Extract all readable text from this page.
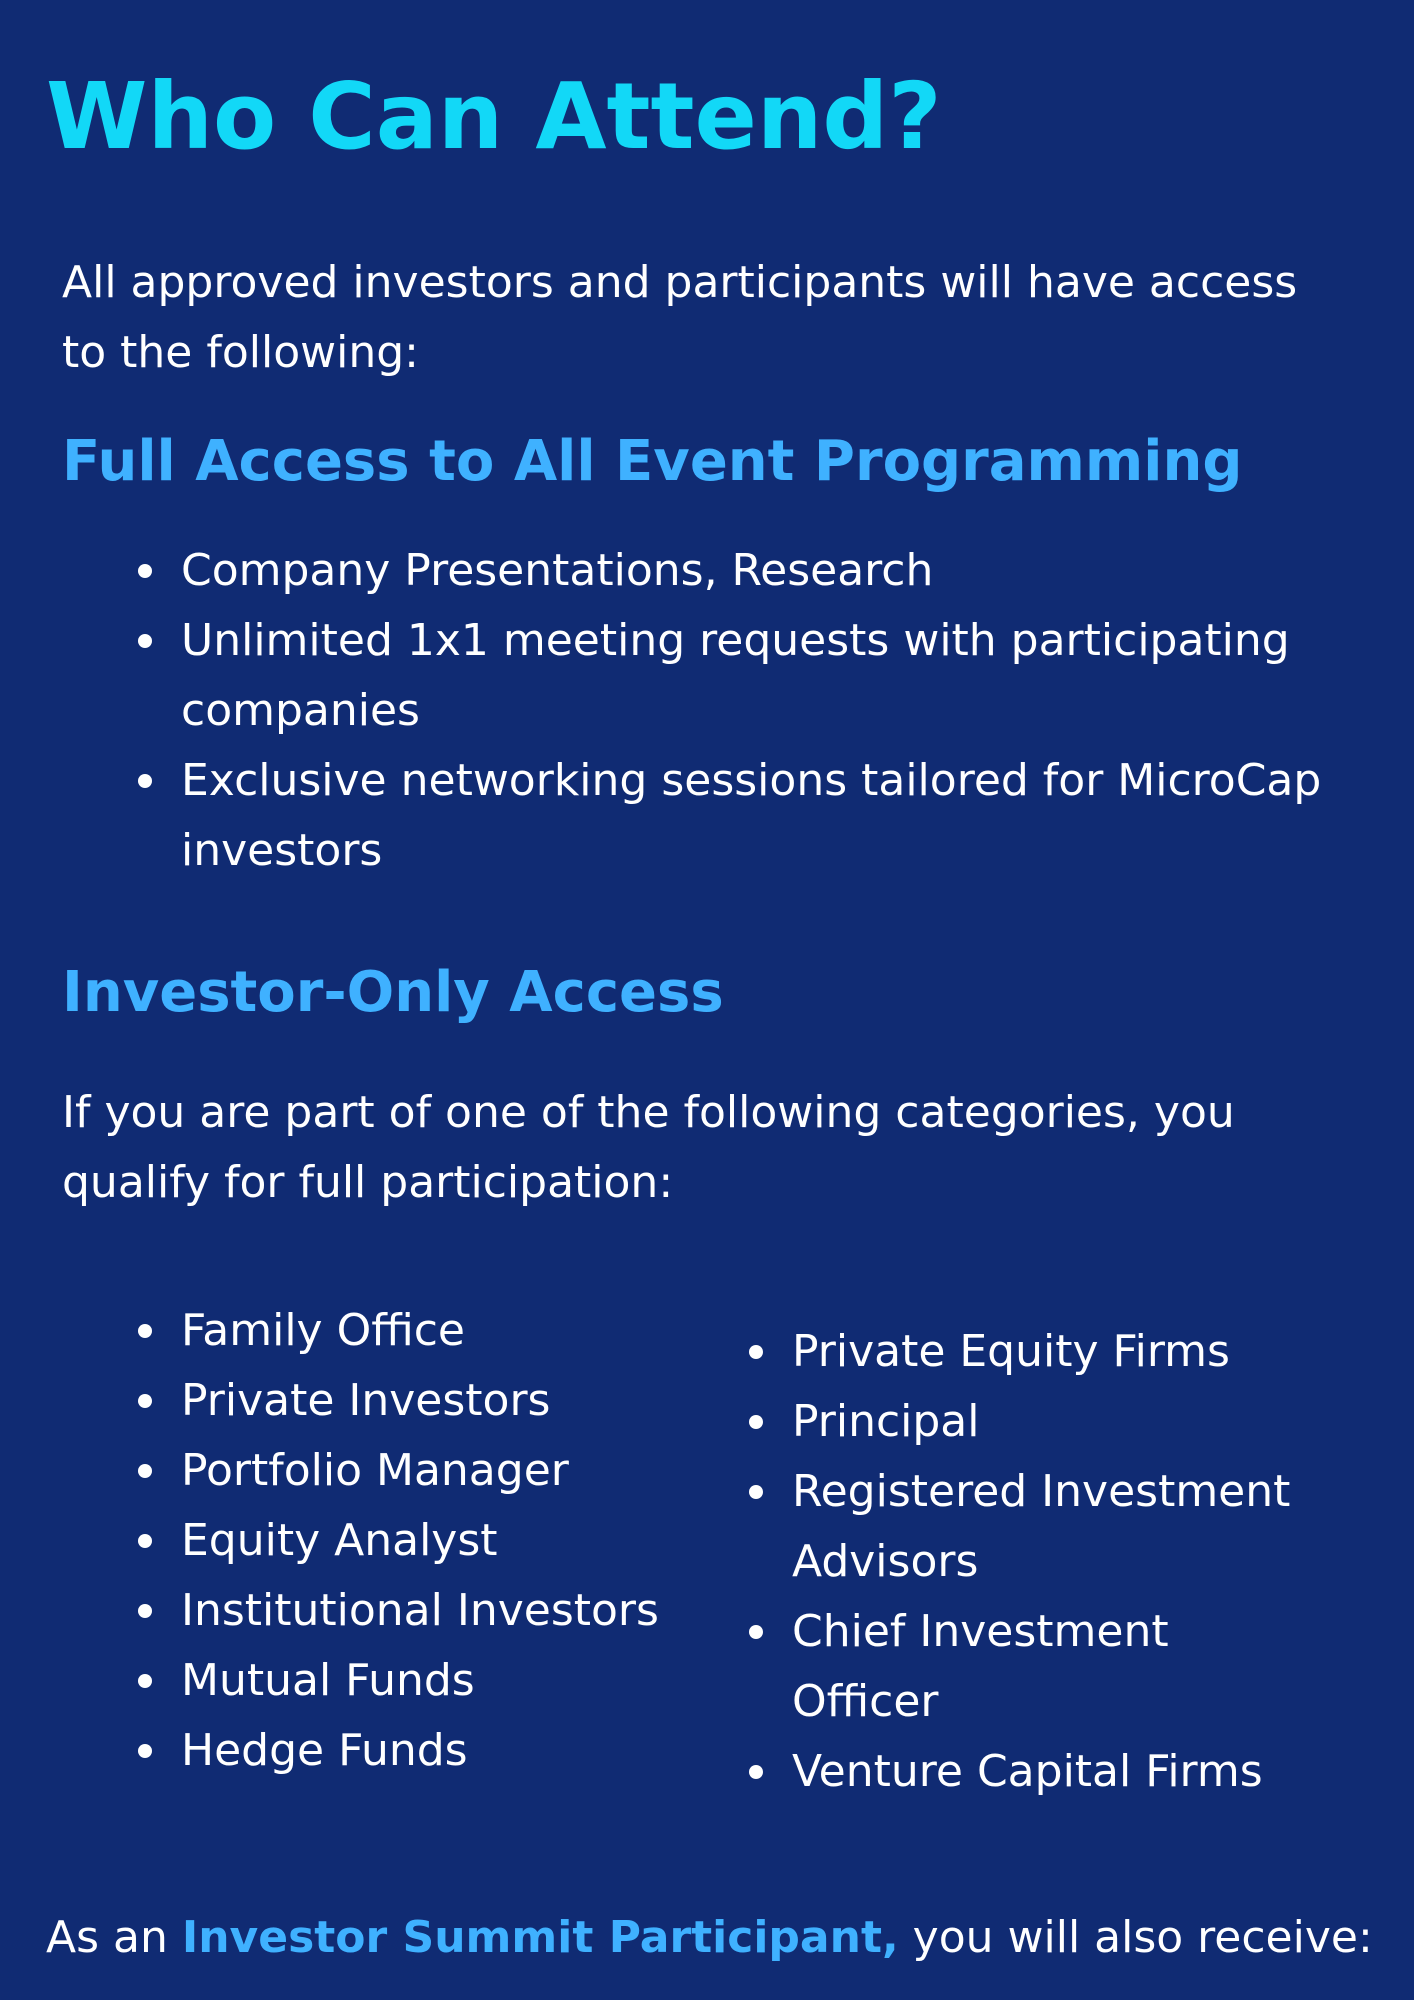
Who Can Attend?

All approved investors and participants will have access to the following:

Full Access to All Event Programming
Company Presentations, Research
Unlimited 1x1 meeting requests with participating companies
Exclusive networking sessions tailored for MicroCap investors
Investor-Only Access

If you are part of one of the following categories, you qualify for full participation:

Family Office
Private Investors
Portfolio Manager
Equity Analyst
Institutional Investors
Mutual Funds
Hedge Funds
Private Equity Firms
Principal
Registered Investment Advisors
Chief Investment Officer
Venture Capital Firms

As an Investor Summit Participant, you will also receive:
